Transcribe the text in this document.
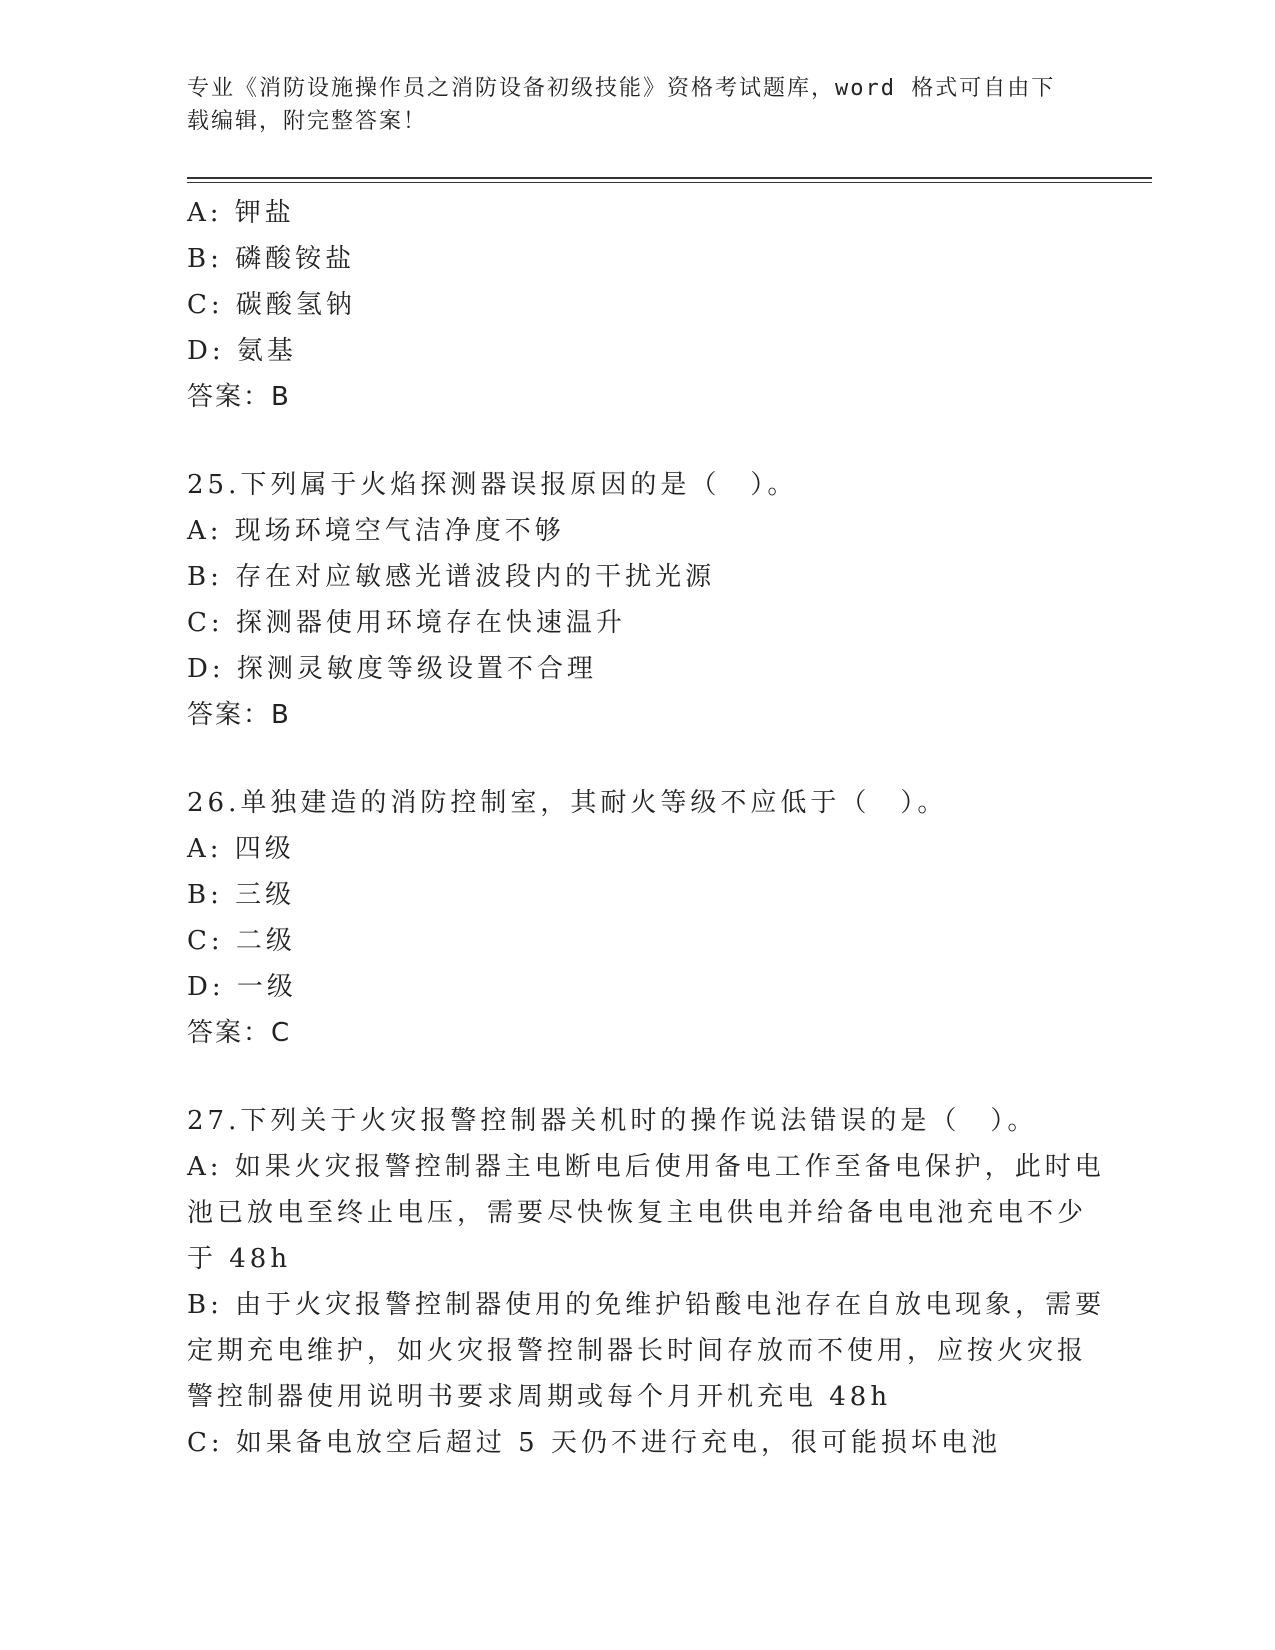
专业《消防设施操作员之消防设备初级技能》资格考试题库，word 格式可自由下
载编辑，附完整答案！
A: 钾盐
B: 磷酸铵盐
C: 碳酸氢钠
D: 氨基
答案：B
25.下列属于火焰探测器误报原因的是（　）。
A: 现场环境空气洁净度不够
B: 存在对应敏感光谱波段内的干扰光源
C: 探测器使用环境存在快速温升
D: 探测灵敏度等级设置不合理
答案：B
26.单独建造的消防控制室，其耐火等级不应低于（　）。
A: 四级
B: 三级
C: 二级
D: 一级
答案：C
27.下列关于火灾报警控制器关机时的操作说法错误的是（　）。
A: 如果火灾报警控制器主电断电后使用备电工作至备电保护，此时电
池已放电至终止电压，需要尽快恢复主电供电并给备电电池充电不少
于 48h
B: 由于火灾报警控制器使用的免维护铅酸电池存在自放电现象，需要
定期充电维护，如火灾报警控制器长时间存放而不使用，应按火灾报
警控制器使用说明书要求周期或每个月开机充电 48h
C: 如果备电放空后超过 5 天仍不进行充电，很可能损坏电池
